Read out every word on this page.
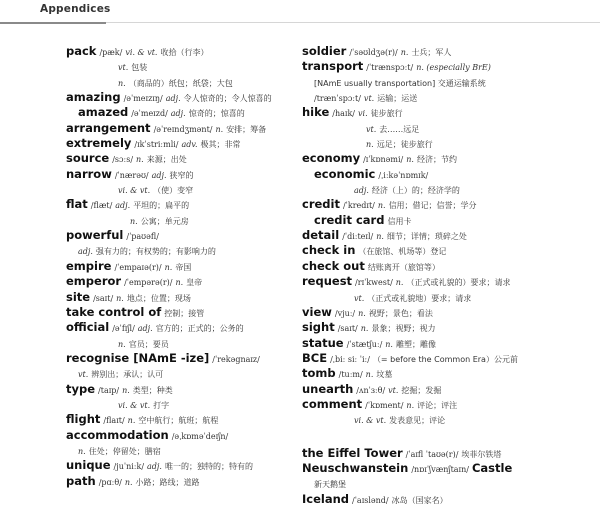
Appendices
pack /pæk/ vi. & vt. 收拾（行李）
vt. 包装
n. （商品的）纸包；纸袋；大包
amazing /əˈmeɪzɪŋ/ adj. 令人惊奇的；令人惊喜的
amazed /əˈmeɪzd/ adj. 惊奇的；惊喜的
arrangement /əˈreɪndʒmənt/ n. 安排；筹备
extremely /ɪkˈstriːmli/ adv. 极其；非常
source /sɔːs/ n. 来源；出处
narrow /ˈnærəʊ/ adj. 狭窄的
vi. & vt. （使）变窄
flat /flæt/ adj. 平坦的；扁平的
n. 公寓；单元房
powerful /ˈpaʊəfl/
adj. 强有力的；有权势的；有影响力的
empire /ˈempaɪə(r)/ n. 帝国
emperor /ˈempərə(r)/ n. 皇帝
site /saɪt/ n. 地点；位置；现场
take control of 控制；接管
official /əˈfɪʃl/ adj. 官方的；正式的；公务的
n. 官员；要员
recognise [NAmE -ize] /ˈrekəgnaɪz/
vt. 辨别出；承认；认可
type /taɪp/ n. 类型；种类
vi. & vt. 打字
flight /flaɪt/ n. 空中航行；航班；航程
accommodation /əˌkɒməˈdeɪʃn/
n. 住处；停留处；膳宿
unique /juˈniːk/ adj. 唯一的；独特的；特有的
path /pɑːθ/ n. 小路；路线；道路
soldier /ˈsəʊldʒə(r)/ n. 士兵；军人
transport /ˈtrænspɔːt/ n. (especially BrE)
[NAmE usually transportation] 交通运输系统
/trænˈspɔːt/ vt. 运输；运送
hike /haɪk/ vi. 徒步旅行
vt. 去……远足
n. 远足；徒步旅行
economy /ɪˈkɒnəmi/ n. 经济；节约
economic /ˌiːkəˈnɒmɪk/
adj. 经济（上）的；经济学的
credit /ˈkredɪt/ n. 信用；借记；信誉；学分
credit card 信用卡
detail /ˈdiːteɪl/ n. 细节；详情；琐碎之处
check in （在旅馆、机场等）登记
check out 结账离开（旅馆等）
request /rɪˈkwest/ n. （正式或礼貌的）要求；请求
vt. （正式或礼貌地）要求；请求
view /vjuː/ n. 视野；景色；看法
sight /saɪt/ n. 景象；视野；视力
statue /ˈstætʃuː/ n. 雕塑；雕像
BCE /ˌbiː siː ˈiː/ （= before the Common Era）公元前
tomb /tuːm/ n. 坟墓
unearth /ʌnˈɜːθ/ vt. 挖掘；发掘
comment /ˈkɒment/ n. 评论；评注
vi. & vt. 发表意见；评论
the Eiffel Tower /ˈaɪfl ˈtaʊə(r)/ 埃菲尔铁塔
Neuschwanstein /nɒɪˈʃvænʃtaɪn/ Castle
新天鹅堡
Iceland /ˈaɪslənd/ 冰岛（国家名）
